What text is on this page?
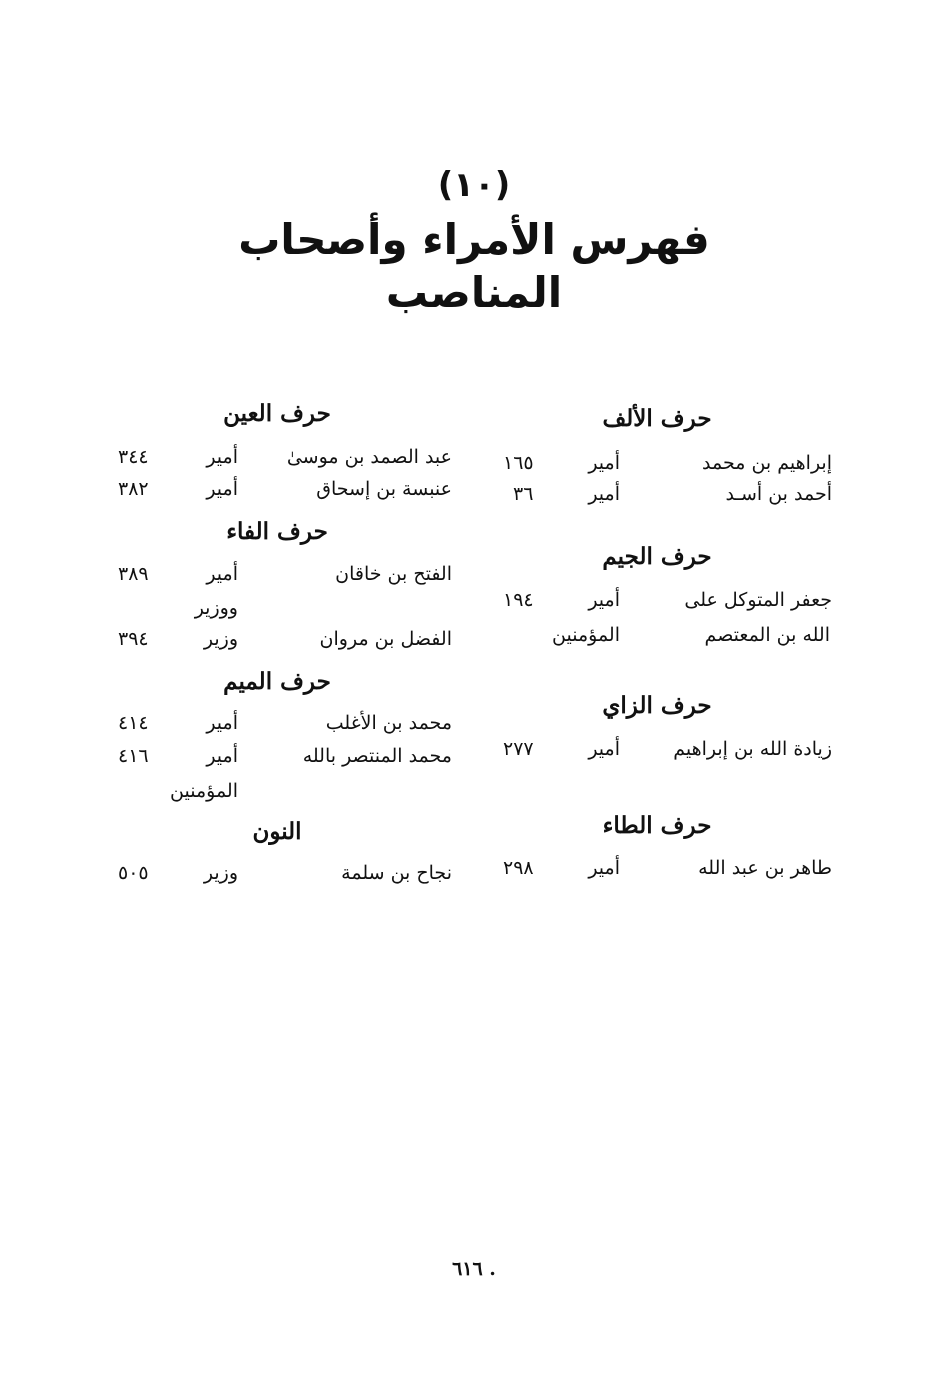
(١٠)
فهرس الأمراء وأصحاب
المناصب
حرف الألف
إبراهيم بن محمد
أمير
١٦٥
أحمد بن أسـد
أمير
٣٦
حرف الجيم
جعفر المتوكل على
أمير
١٩٤
الله بن المعتصم
المؤمنين
حرف الزاي
زيادة الله بن إبراهيم
أمير
٢٧٧
حرف الطاء
طاهر بن عبد الله
أمير
٢٩٨
حرف العين
عبد الصمد بن موسىٰ
أمير
٣٤٤
عنبسة بن إسحاق
أمير
٣٨٢
حرف الفاء
الفتح بن خاقان
أمير
٣٨٩
ووزير
الفضل بن مروان
وزير
٣٩٤
حرف الميم
محمد بن الأغلب
أمير
٤١٤
محمد المنتصر بالله
أمير
٤١٦
المؤمنين
النون
نجاح بن سلمة
وزير
٥٠٥
٦١٦ .
